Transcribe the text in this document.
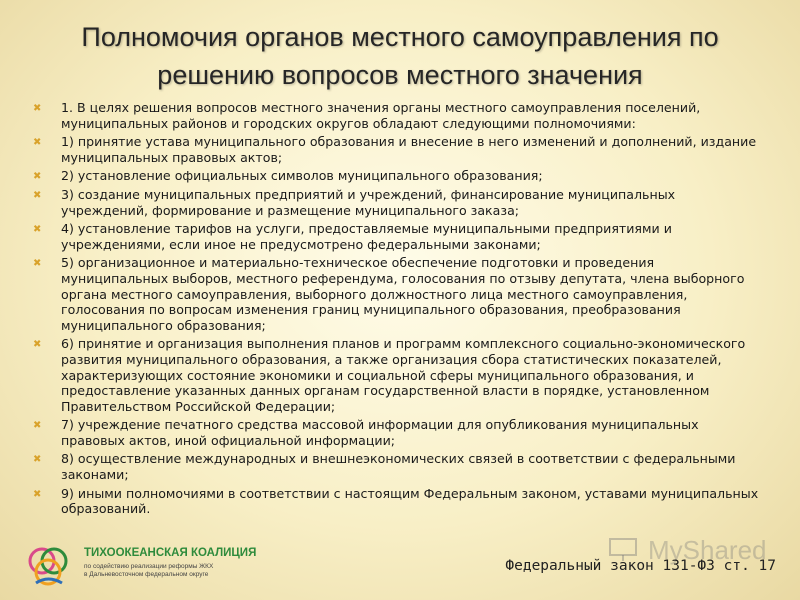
Полномочия органов местного самоуправления по
решению вопросов местного значения
✖ 1. В целях решения вопросов местного значения органы местного самоуправления поселений, муниципальных районов и городских округов обладают следующими полномочиями:
✖ 1) принятие устава муниципального образования и внесение в него изменений и дополнений, издание муниципальных правовых актов;
✖ 2) установление официальных символов муниципального образования;
✖ 3) создание муниципальных предприятий и учреждений, финансирование муниципальных учреждений, формирование и размещение муниципального заказа;
✖ 4) установление тарифов на услуги, предоставляемые муниципальными предприятиями и учреждениями, если иное не предусмотрено федеральными законами;
✖ 5) организационное и материально-техническое обеспечение подготовки и проведения муниципальных выборов, местного референдума, голосования по отзыву депутата, члена выборного органа местного самоуправления, выборного должностного лица местного самоуправления, голосования по вопросам изменения границ муниципального образования, преобразования муниципального образования;
✖ 6) принятие и организация выполнения планов и программ комплексного социально-экономического развития муниципального образования, а также организация сбора статистических показателей, характеризующих состояние экономики и социальной сферы муниципального образования, и предоставление указанных данных органам государственной власти в порядке, установленном Правительством Российской Федерации;
✖ 7) учреждение печатного средства массовой информации для опубликования муниципальных правовых актов, иной официальной информации;
✖ 8) осуществление международных и внешнеэкономических связей в соответствии с федеральными законами;
✖ 9) иными полномочиями в соответствии с настоящим Федеральным законом, уставами муниципальных образований.
ТИХООКЕАНСКАЯ КОАЛИЦИЯ
по содействию реализации реформы ЖКХ
в Дальневосточном федеральном округе
MyShared
Федеральный закон 131-ФЗ ст. 17
